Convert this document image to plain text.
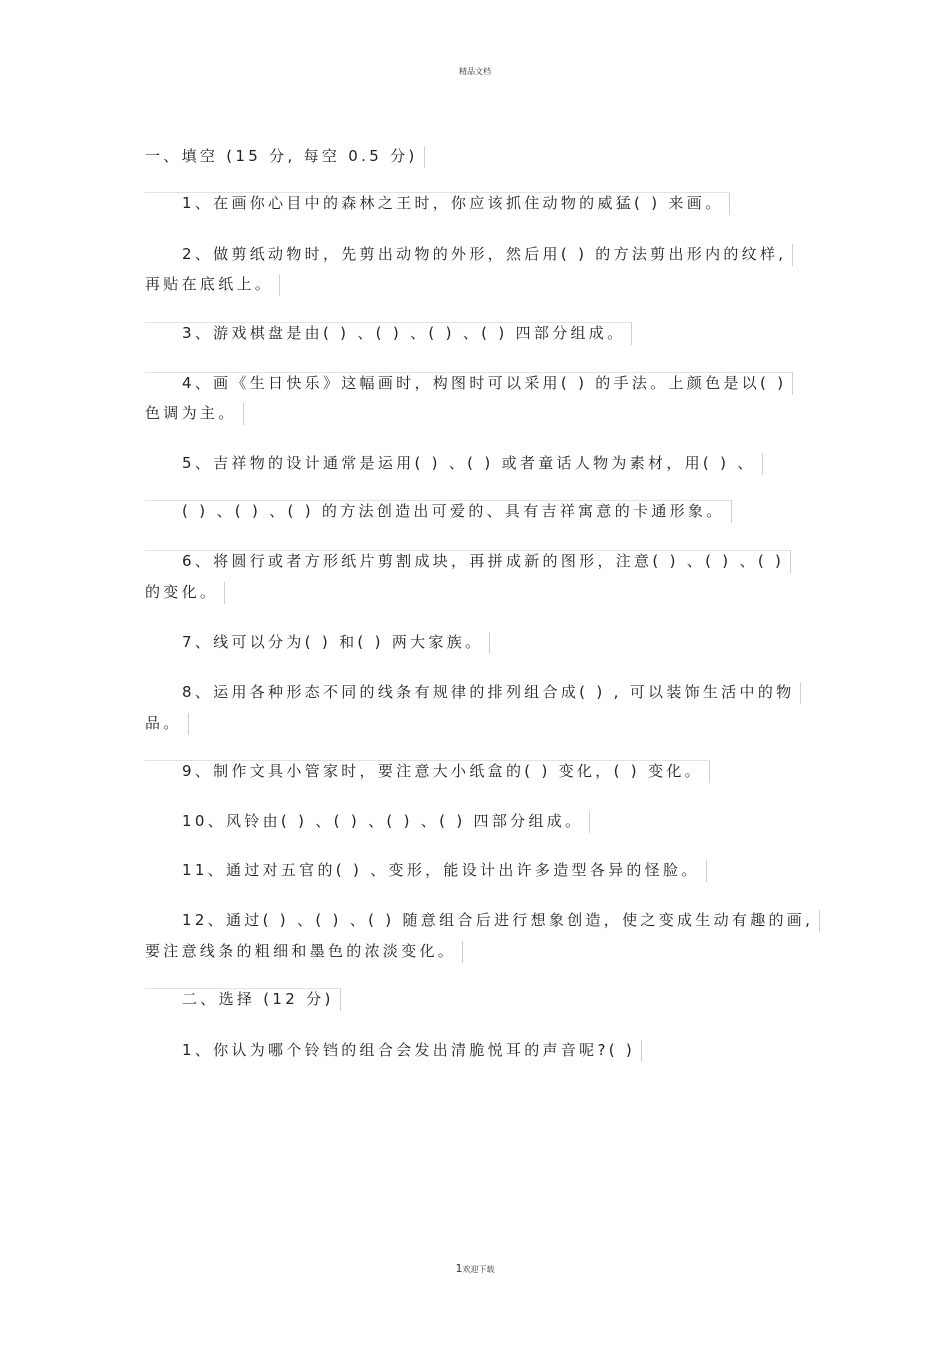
精品文档
一、填空 (15 分, 每空 0.5 分)
1、在画你心目中的森林之王时，你应该抓住动物的威猛( ) 来画。
2、做剪纸动物时，先剪出动物的外形，然后用( ) 的方法剪出形内的纹样,
再贴在底纸上。
3、游戏棋盘是由( ) 、( ) 、( ) 、( ) 四部分组成。
4、画《生日快乐》这幅画时，构图时可以采用( ) 的手法。上颜色是以( )
色调为主。
5、吉祥物的设计通常是运用( ) 、( ) 或者童话人物为素材，用( ) 、
( ) 、( ) 、( ) 的方法创造出可爱的、具有吉祥寓意的卡通形象。
6、将圆行或者方形纸片剪割成块，再拼成新的图形，注意( ) 、( ) 、( )
的变化。
7、线可以分为( ) 和( ) 两大家族。
8、运用各种形态不同的线条有规律的排列组合成( ) , 可以装饰生活中的物
品。
9、制作文具小管家时，要注意大小纸盒的( ) 变化，( ) 变化。
10、风铃由( ) 、( ) 、( ) 、( ) 四部分组成。
11、通过对五官的( ) 、变形，能设计出许多造型各异的怪脸。
12、通过( ) 、( ) 、( ) 随意组合后进行想象创造，使之变成生动有趣的画,
要注意线条的粗细和墨色的浓淡变化。
二、选择 (12 分)
1、你认为哪个铃铛的组合会发出清脆悦耳的声音呢?( )
1欢迎下载
